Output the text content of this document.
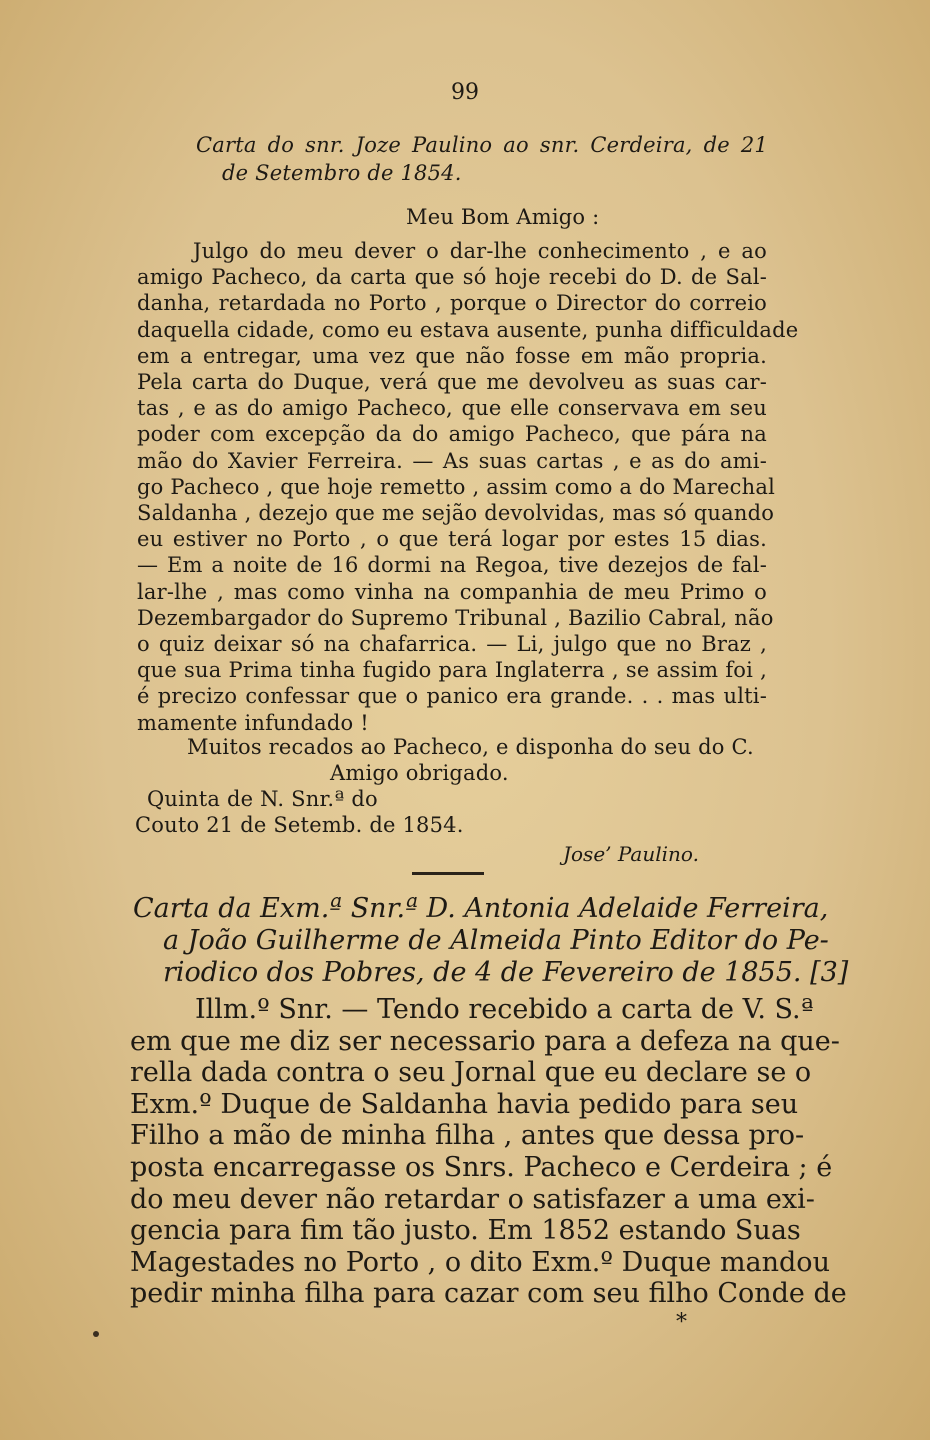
99
Carta do snr. Joze Paulino ao snr. Cerdeira, de 21
de Setembro de 1854.
Meu Bom Amigo :
Julgo do meu dever o dar-lhe conhecimento , e ao
amigo Pacheco, da carta que só hoje recebi do D. de Sal-
danha, retardada no Porto , porque o Director do correio
daquella cidade, como eu estava ausente, punha difficuldade
em a entregar, uma vez que não fosse em mão propria.
Pela carta do Duque, verá que me devolveu as suas car-
tas , e as do amigo Pacheco, que elle conservava em seu
poder com excepção da do amigo Pacheco, que pára na
mão do Xavier Ferreira. — As suas cartas , e as do ami-
go Pacheco , que hoje remetto , assim como a do Marechal
Saldanha , dezejo que me sejão devolvidas, mas só quando
eu estiver no Porto , o que terá logar por estes 15 dias.
— Em a noite de 16 dormi na Regoa, tive dezejos de fal-
lar-lhe , mas como vinha na companhia de meu Primo o
Dezembargador do Supremo Tribunal , Bazilio Cabral, não
o quiz deixar só na chafarrica. — Li, julgo que no Braz ,
que sua Prima tinha fugido para Inglaterra , se assim foi ,
é precizo confessar que o panico era grande. . . mas ulti-
mamente infundado !
Muitos recados ao Pacheco, e disponha do seu do C.
Amigo obrigado.
Quinta de N. Snr.ª do
Couto 21 de Setemb. de 1854.
Jose’ Paulino.
Carta da Exm.ª Snr.ª D. Antonia Adelaide Ferreira,
a João Guilherme de Almeida Pinto Editor do Pe-
riodico dos Pobres, de 4 de Fevereiro de 1855. [3]
Illm.º Snr. — Tendo recebido a carta de V. S.ª
em que me diz ser necessario para a defeza na que-
rella dada contra o seu Jornal que eu declare se o
Exm.º Duque de Saldanha havia pedido para seu
Filho a mão de minha filha , antes que dessa pro-
posta encarregasse os Snrs. Pacheco e Cerdeira ; é
do meu dever não retardar o satisfazer a uma exi-
gencia para fim tão justo. Em 1852 estando Suas
Magestades no Porto , o dito Exm.º Duque mandou
pedir minha filha para cazar com seu filho Conde de
*
